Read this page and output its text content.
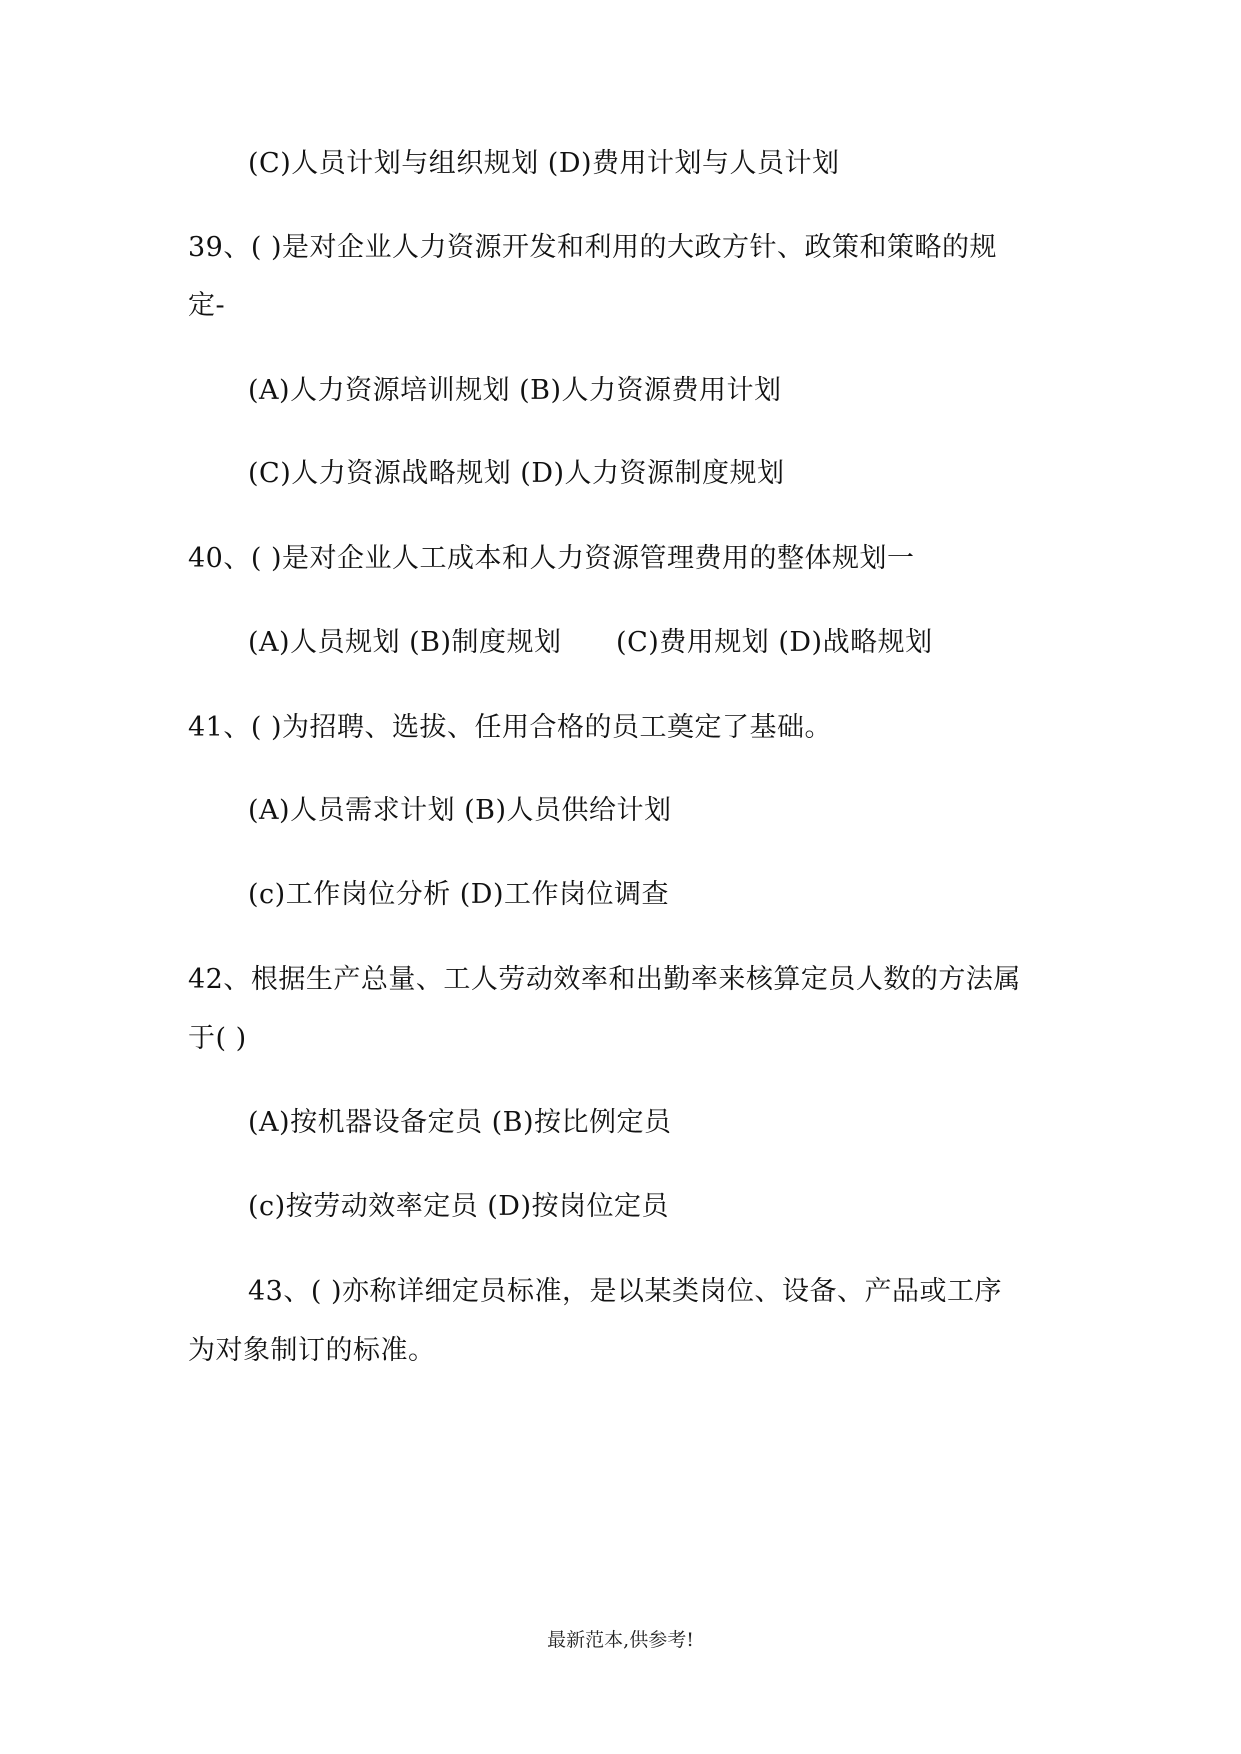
(C)人员计划与组织规划 (D)费用计划与人员计划
39、( )是对企业人力资源开发和利用的大政方针、政策和策略的规
定-
(A)人力资源培训规划 (B)人力资源费用计划
(C)人力资源战略规划 (D)人力资源制度规划
40、( )是对企业人工成本和人力资源管理费用的整体规划一
(A)人员规划 (B)制度规划      (C)费用规划 (D)战略规划
41、( )为招聘、选拔、任用合格的员工奠定了基础。
(A)人员需求计划 (B)人员供给计划
(c)工作岗位分析 (D)工作岗位调查
42、根据生产总量、工人劳动效率和出勤率来核算定员人数的方法属
于( )
(A)按机器设备定员 (B)按比例定员
(c)按劳动效率定员 (D)按岗位定员
43、( )亦称详细定员标准，是以某类岗位、设备、产品或工序
为对象制订的标准。
最新范本,供参考!
